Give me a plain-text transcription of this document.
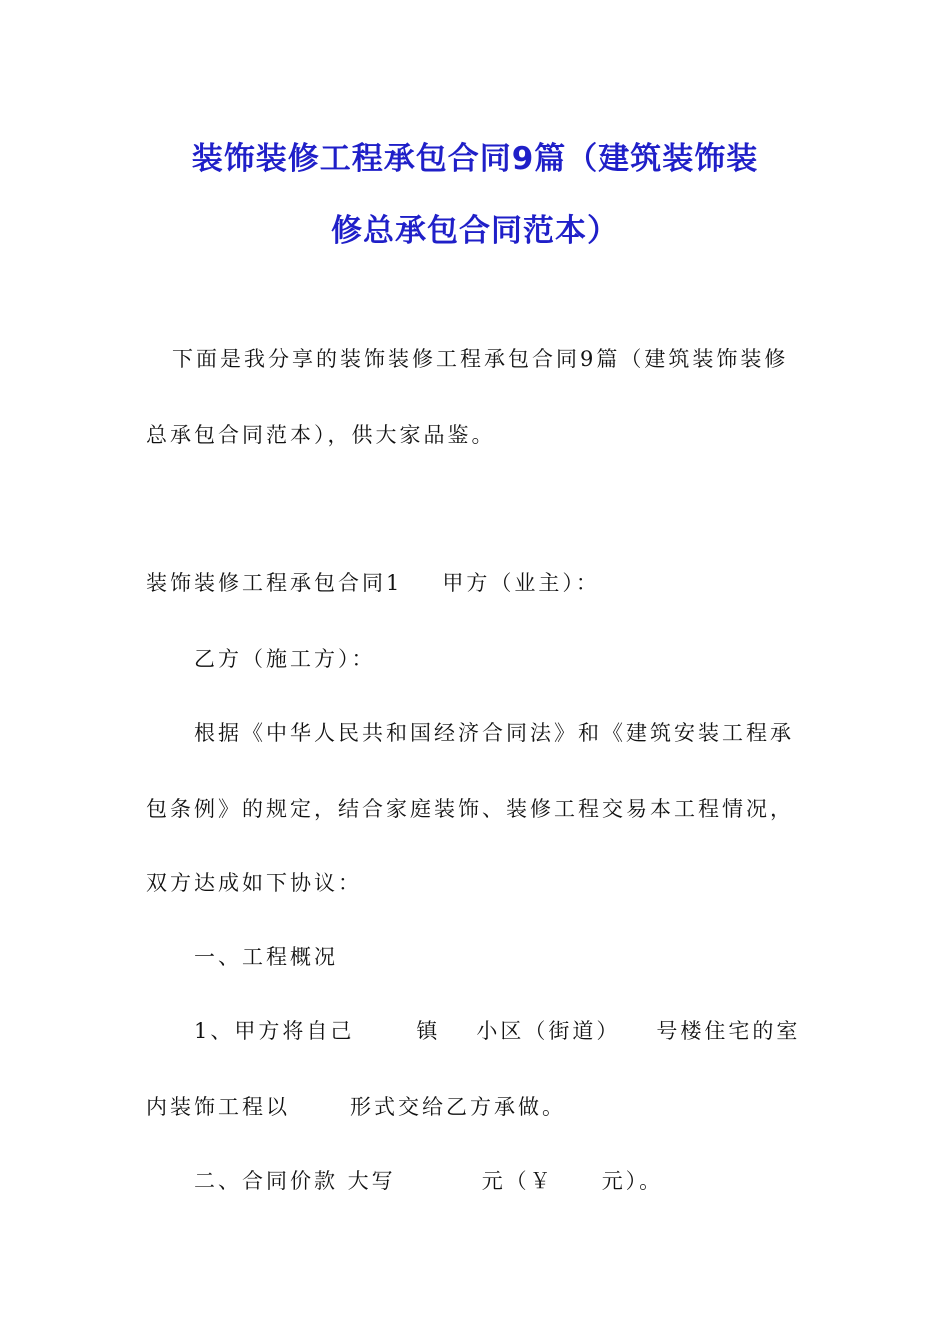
装饰装修工程承包合同9篇（建筑装饰装
修总承包合同范本）
下面是我分享的装饰装修工程承包合同9篇（建筑装饰装修
总承包合同范本），供大家品鉴。
装饰装修工程承包合同1 甲方（业主）：
乙方（施工方）：
根据《中华人民共和国经济合同法》和《建筑安装工程承
包条例》的规定，结合家庭装饰、装修工程交易本工程情况，
双方达成如下协议：
一、工程概况
1、甲方将自己	镇 小区（街道） 号楼住宅的室
内装饰工程以	形式交给乙方承做。
二、合同价款 大写	元（￥ 元）。
